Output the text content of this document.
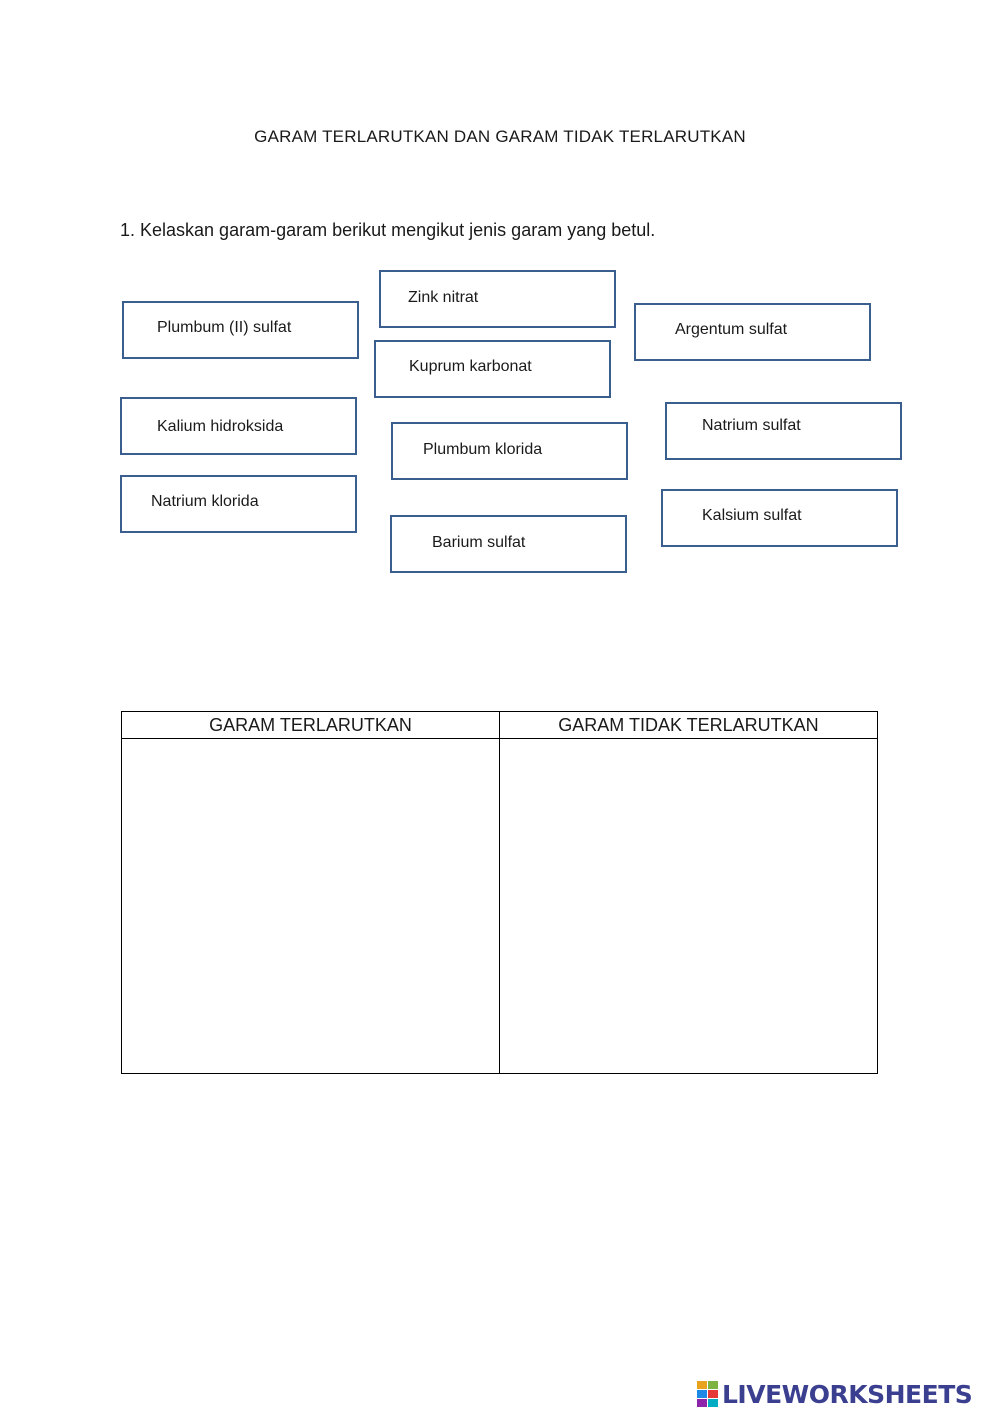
GARAM TERLARUTKAN DAN GARAM TIDAK TERLARUTKAN
1. Kelaskan garam-garam berikut mengikut jenis garam yang betul.
Zink nitrat
Plumbum (II) sulfat	Argentum sulfat
Kuprum karbonat
Kalium hidroksida	Natrium sulfat
Plumbum klorida
Natrium klorida
Kalsium sulfat
Barium sulfat
GARAM TERLARUTKAN	GARAM TIDAK TERLARUTKAN

LIVEWORKSHEETS
